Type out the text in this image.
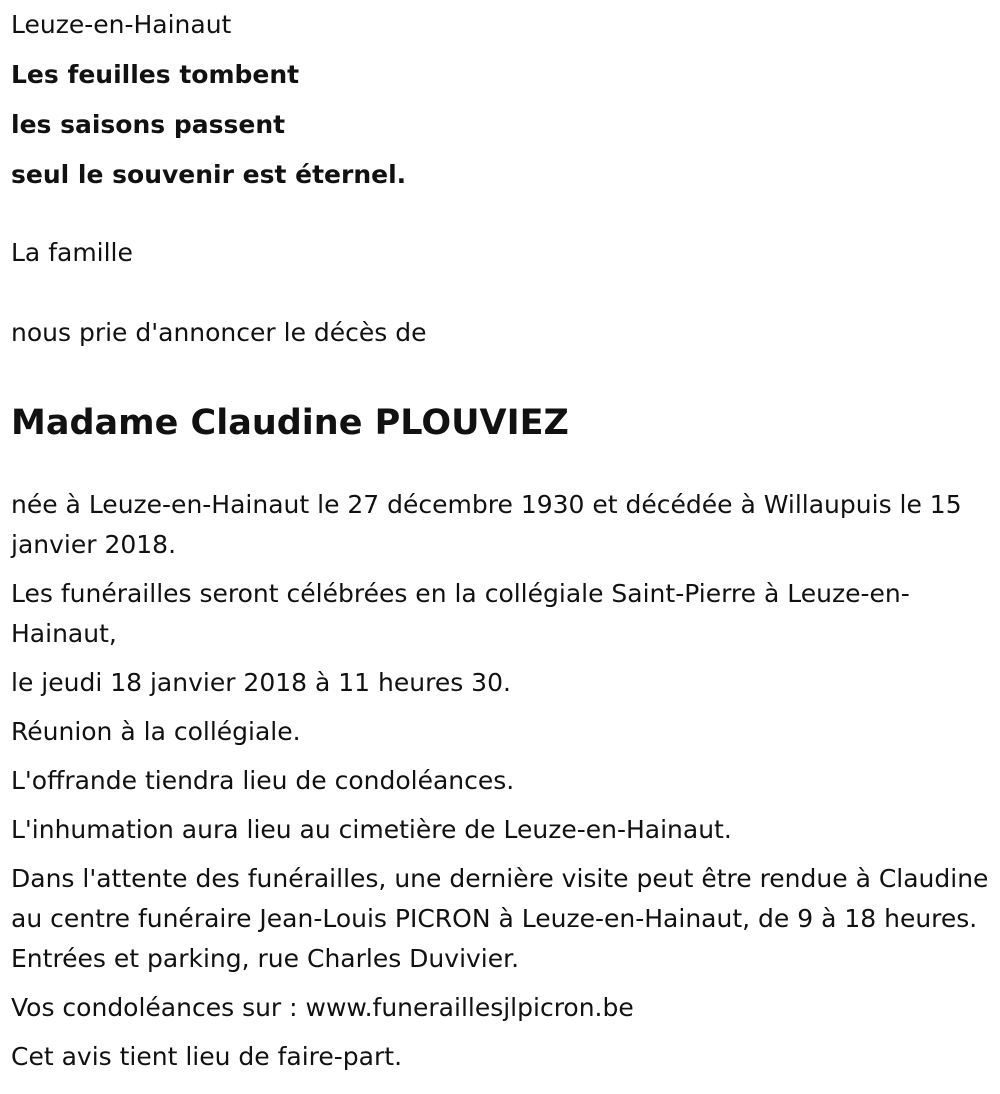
Leuze-en-Hainaut

Les feuilles tombent

les saisons passent

seul le souvenir est éternel.

La famille

nous prie d'annoncer le décès de

Madame Claudine PLOUVIEZ

née à Leuze-en-Hainaut le 27 décembre 1930 et décédée à Willaupuis le 15 janvier 2018.

Les funérailles seront célébrées en la collégiale Saint-Pierre à Leuze-en-Hainaut,

le jeudi 18 janvier 2018 à 11 heures 30.

Réunion à la collégiale.

L'offrande tiendra lieu de condoléances.

L'inhumation aura lieu au cimetière de Leuze-en-Hainaut.

Dans l'attente des funérailles, une dernière visite peut être rendue à Claudine au centre funéraire Jean-Louis PICRON à Leuze-en-Hainaut, de 9 à 18 heures. Entrées et parking, rue Charles Duvivier.

Vos condoléances sur : www.funeraillesjlpicron.be

Cet avis tient lieu de faire-part.
